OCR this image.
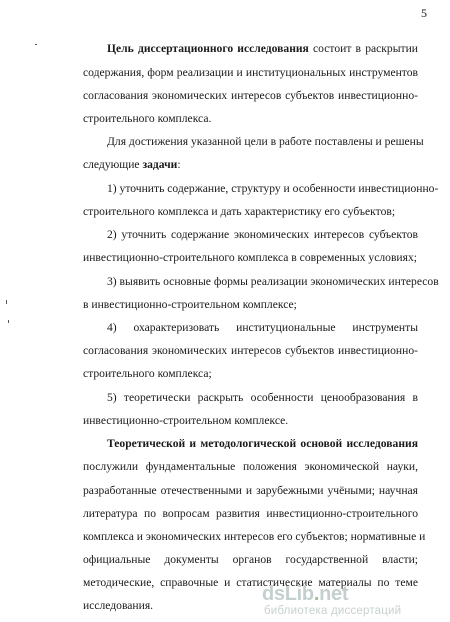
5
Цель диссертационного исследования состоит в раскрытии
содержания, форм реализации и институциональных инструментов
согласования экономических интересов субъектов инвестиционно-
строительного комплекса.
Для достижения указанной цели в работе поставлены и решены
следующие задачи:
1) уточнить содержание, структуру и особенности инвестиционно-
строительного комплекса и дать характеристику его субъектов;
2) уточнить содержание экономических интересов субъектов
инвестиционно-строительного комплекса в современных условиях;
3) выявить основные формы реализации экономических интересов
в инвестиционно-строительном комплексе;
4) охарактеризовать институциональные инструменты
согласования экономических интересов субъектов инвестиционно-
строительного комплекса;
5) теоретически раскрыть особенности ценообразования в
инвестиционно-строительном комплексе.
Теоретической и методологической основой исследования
послужили фундаментальные положения экономической науки,
разработанные отечественными и зарубежными учёными; научная
литература по вопросам развития инвестиционно-строительного
комплекса и экономических интересов его субъектов; нормативные и
официальные документы органов государственной власти;
методические, справочные и статистические материалы по теме
исследования.
dsLib.net
библиотека диссертаций
